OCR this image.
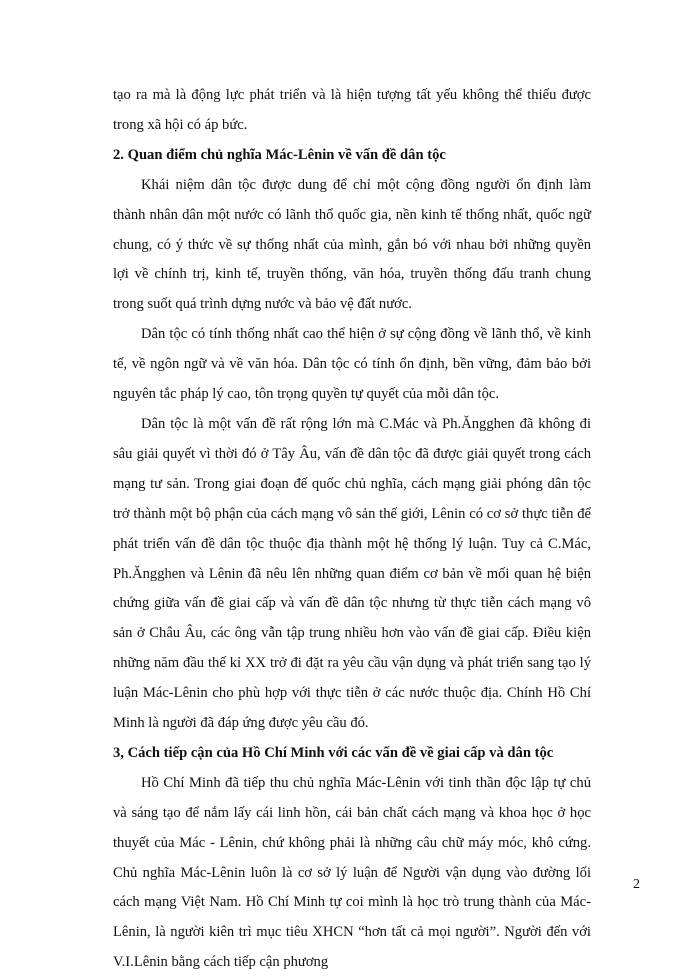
tạo ra mà là động lực phát triển và là hiện tượng tất yếu không thể thiếu được trong xã hội có áp bức.

2. Quan điểm chủ nghĩa Mác-Lênin về vấn đề dân tộc

Khái niệm dân tộc được dung để chỉ một cộng đồng người ổn định làm thành nhân dân một nước có lãnh thổ quốc gia, nền kinh tế thống nhất, quốc ngữ chung, có ý thức về sự thống nhất của mình, gắn bó với nhau bởi những quyền lợi về chính trị, kinh tế, truyền thống, văn hóa, truyền thống đấu tranh chung trong suốt quá trình dựng nước và bảo vệ đất nước.

Dân tộc có tính thống nhất cao thể hiện ở sự cộng đồng về lãnh thổ, về kinh tế, về ngôn ngữ và về văn hóa. Dân tộc có tính ổn định, bền vững, đảm bảo bởi nguyên tắc pháp lý cao, tôn trọng quyền tự quyết của mỗi dân tộc.

Dân tộc là một vấn đề rất rộng lớn mà C.Mác và Ph.Ăngghen đã không đi sâu giải quyết vì thời đó ở Tây Âu, vấn đề dân tộc đã được giải quyết trong cách mạng tư sản. Trong giai đoạn đế quốc chủ nghĩa, cách mạng giải phóng dân tộc trở thành một bộ phận của cách mạng vô sản thế giới, Lênin có cơ sở thực tiễn để phát triển vấn đề dân tộc thuộc địa thành một hệ thống lý luận. Tuy cả C.Mác, Ph.Ăngghen và Lênin đã nêu lên những quan điểm cơ bản về mối quan hệ biện chứng giữa vấn đề giai cấp và vấn đề dân tộc nhưng từ thực tiễn cách mạng vô sản ở Châu Âu, các ông vẫn tập trung nhiều hơn vào vấn đề giai cấp. Điều kiện những năm đầu thế kỉ XX trở đi đặt ra yêu cầu vận dụng và phát triển sang tạo lý luận Mác-Lênin cho phù hợp với thực tiễn ở các nước thuộc địa. Chính Hồ Chí Minh là người đã đáp ứng được yêu cầu đó.

3, Cách tiếp cận của Hồ Chí Minh với các vấn đề về giai cấp và dân tộc

Hồ Chí Minh đã tiếp thu chủ nghĩa Mác-Lênin với tinh thần độc lập tự chủ và sáng tạo để nắm lấy cái linh hồn, cái bản chất cách mạng và khoa học ở học thuyết của Mác - Lênin, chứ không phải là những câu chữ máy móc, khô cứng. Chủ nghĩa Mác-Lênin luôn là cơ sở lý luận để Người vận dụng vào đường lối cách mạng Việt Nam. Hồ Chí Minh tự coi mình là học trò trung thành của Mác-Lênin, là người kiên trì mục tiêu XHCN “hơn tất cả mọi người”. Người đến với V.I.Lênin bằng cách tiếp cận phương

2
